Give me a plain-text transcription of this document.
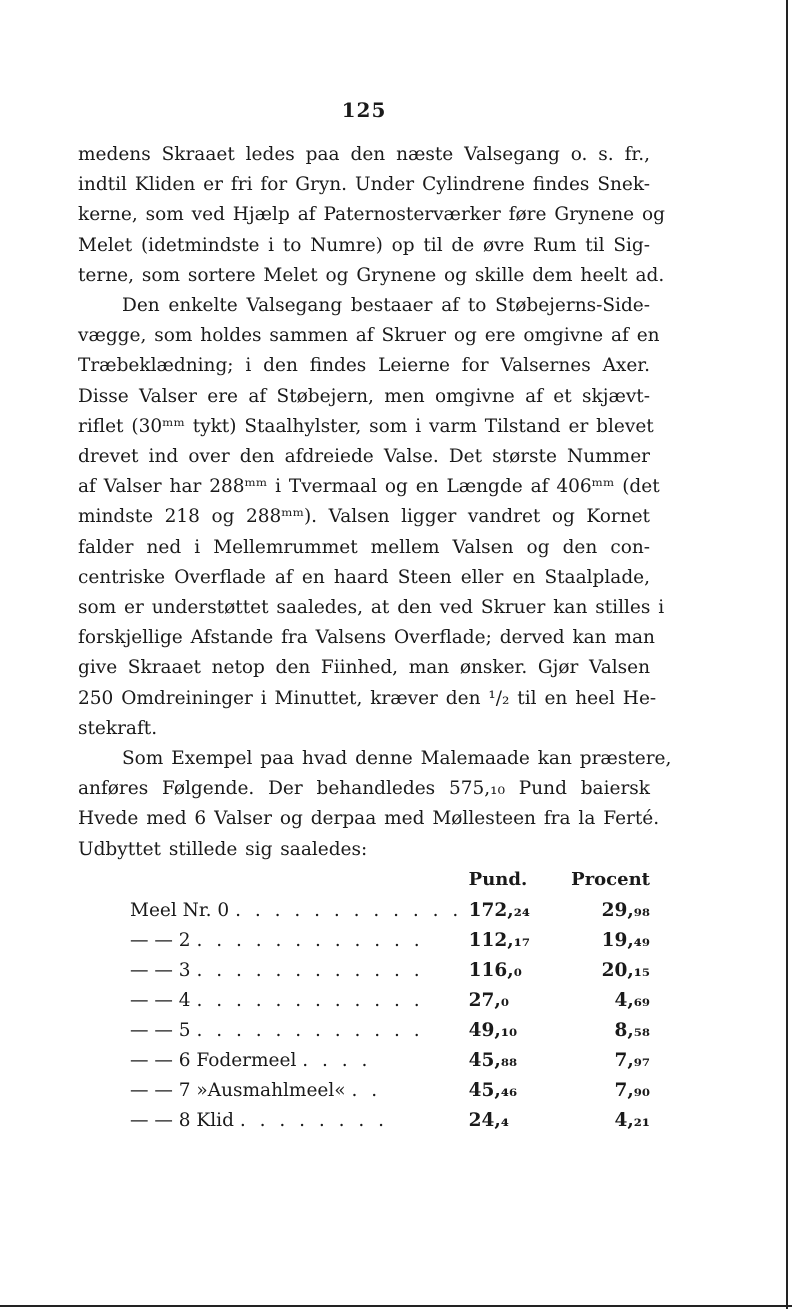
125

medens Skraaet ledes paa den næste Valsegang o. s. fr.,
indtil Kliden er fri for Gryn. Under Cylindrene findes Snek-
kerne, som ved Hjælp af Paternosterværker føre Grynene og
Melet (idetmindste i to Numre) op til de øvre Rum til Sig-
terne, som sortere Melet og Grynene og skille dem heelt ad.

Den enkelte Valsegang bestaaer af to Støbejerns-Side-
vægge, som holdes sammen af Skruer og ere omgivne af en
Træbeklædning; i den findes Leierne for Valsernes Axer.
Disse Valser ere af Støbejern, men omgivne af et skjævt-
riflet (30ᵐᵐ tykt) Staalhylster, som i varm Tilstand er blevet
drevet ind over den afdreiede Valse. Det største Nummer
af Valser har 288ᵐᵐ i Tvermaal og en Længde af 406ᵐᵐ (det
mindste 218 og 288ᵐᵐ). Valsen ligger vandret og Kornet
falder ned i Mellemrummet mellem Valsen og den con-
centriske Overflade af en haard Steen eller en Staalplade,
som er understøttet saaledes, at den ved Skruer kan stilles i
forskjellige Afstande fra Valsens Overflade; derved kan man
give Skraaet netop den Fiinhed, man ønsker. Gjør Valsen
250 Omdreininger i Minuttet, kræver den ¹/₂ til en heel He-
stekraft.

Som Exempel paa hvad denne Malemaade kan præstere,
anføres Følgende. Der behandledes 575,₁₀ Pund baiersk
Hvede med 6 Valser og derpaa med Møllesteen fra la Ferté.
Udbyttet stillede sig saaledes:

	Pund.	Procent
Meel Nr. 0 . . . . . . . . . . . .	172,₂₄	29,₉₈
— — 2 . . . . . . . . . . . .	112,₁₇	19,₄₉
— — 3 . . . . . . . . . . . .	116,₀	20,₁₅
— — 4 . . . . . . . . . . . .	27,₀	4,₆₉
— — 5 . . . . . . . . . . . .	49,₁₀	8,₅₈
— — 6 Fodermeel . . . .	45,₈₈	7,₉₇
— — 7 »Ausmahlmeel« . .	45,₄₆	7,₉₀
— — 8 Klid . . . . . . . .	24,₄	4,₂₁
